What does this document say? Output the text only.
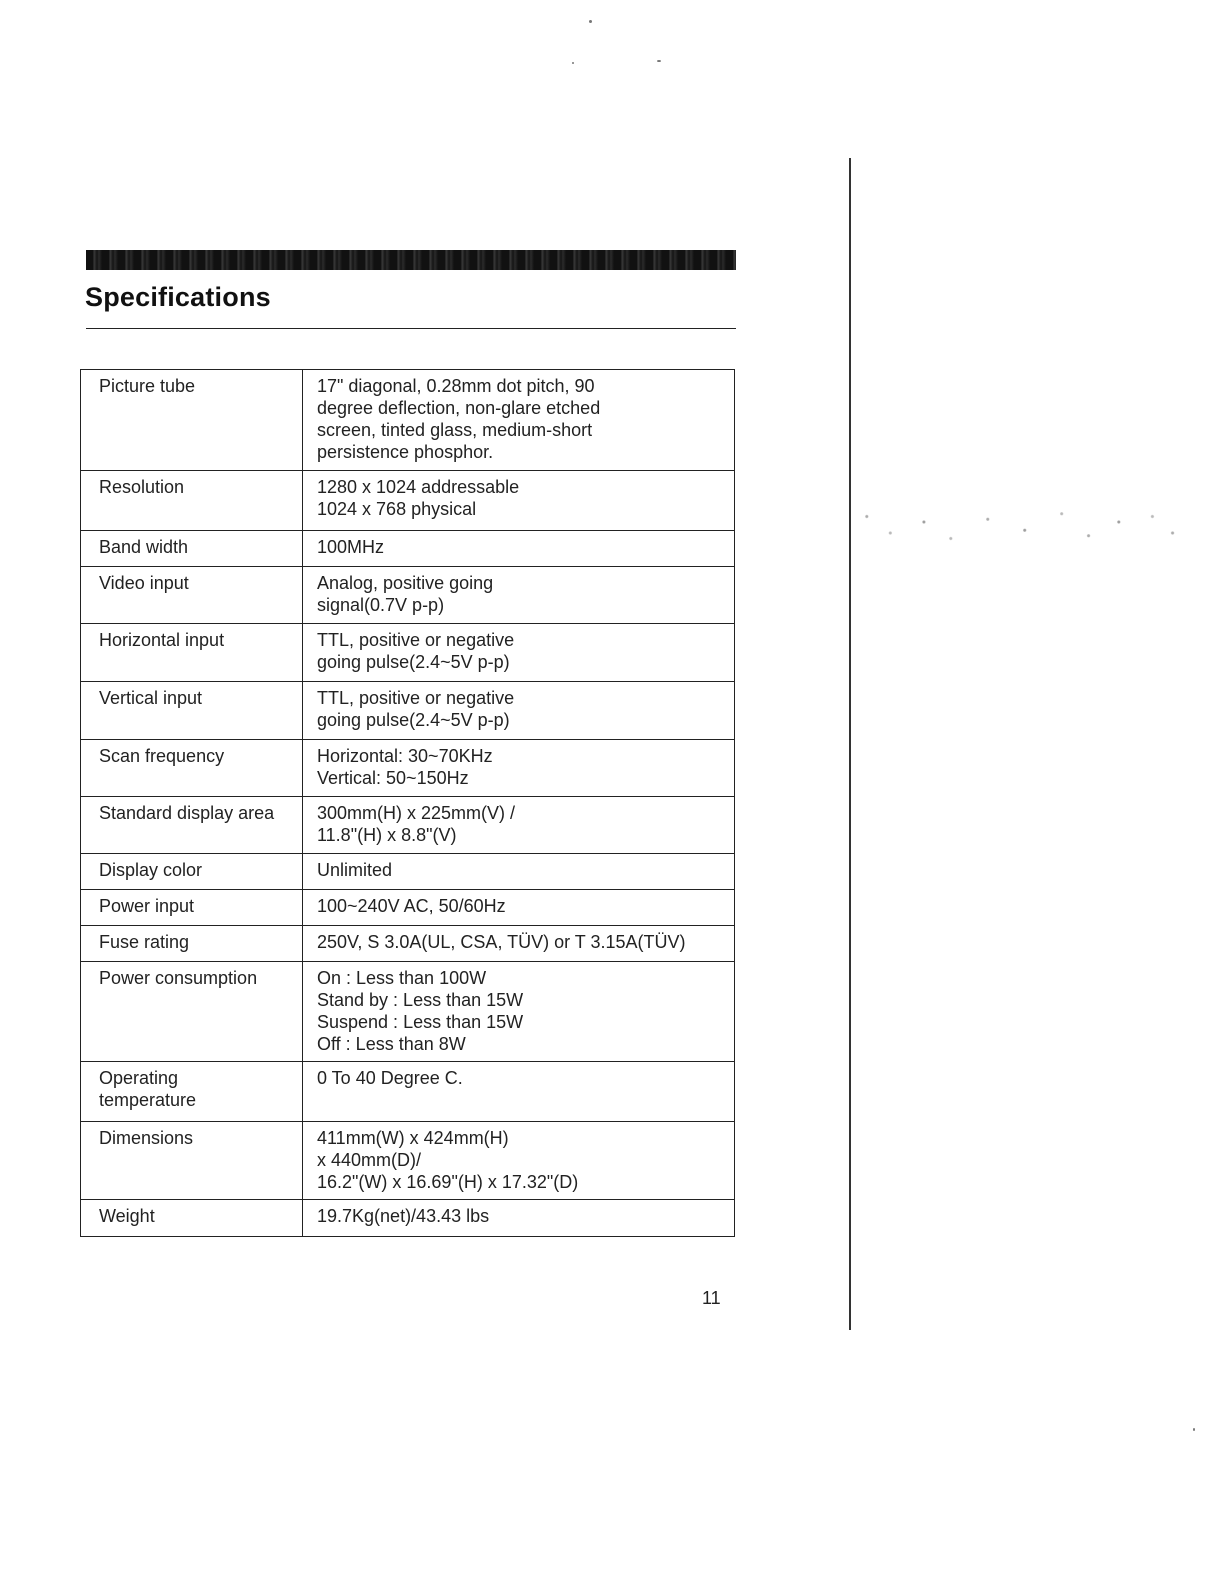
Specifications
Picture tube	17" diagonal, 0.28mm dot pitch, 90
degree deflection, non-glare etched
screen, tinted glass, medium-short
persistence phosphor.
Resolution	1280 x 1024 addressable
1024 x 768 physical
Band width	100MHz
Video input	Analog, positive going
signal(0.7V p-p)
Horizontal input	TTL, positive or negative
going pulse(2.4~5V p-p)
Vertical input	TTL, positive or negative
going pulse(2.4~5V p-p)
Scan frequency	Horizontal: 30~70KHz
Vertical: 50~150Hz
Standard display area	300mm(H) x 225mm(V) /
11.8"(H) x 8.8"(V)
Display color	Unlimited
Power input	100~240V AC, 50/60Hz
Fuse rating	250V, S 3.0A(UL, CSA, TÜV) or T 3.15A(TÜV)
Power consumption	On : Less than 100W
Stand by : Less than 15W
Suspend : Less than 15W
Off : Less than 8W
Operating
temperature	0 To 40 Degree C.
Dimensions	411mm(W) x 424mm(H)
x 440mm(D)/
16.2"(W) x 16.69"(H) x 17.32"(D)
Weight	19.7Kg(net)/43.43 lbs
11
